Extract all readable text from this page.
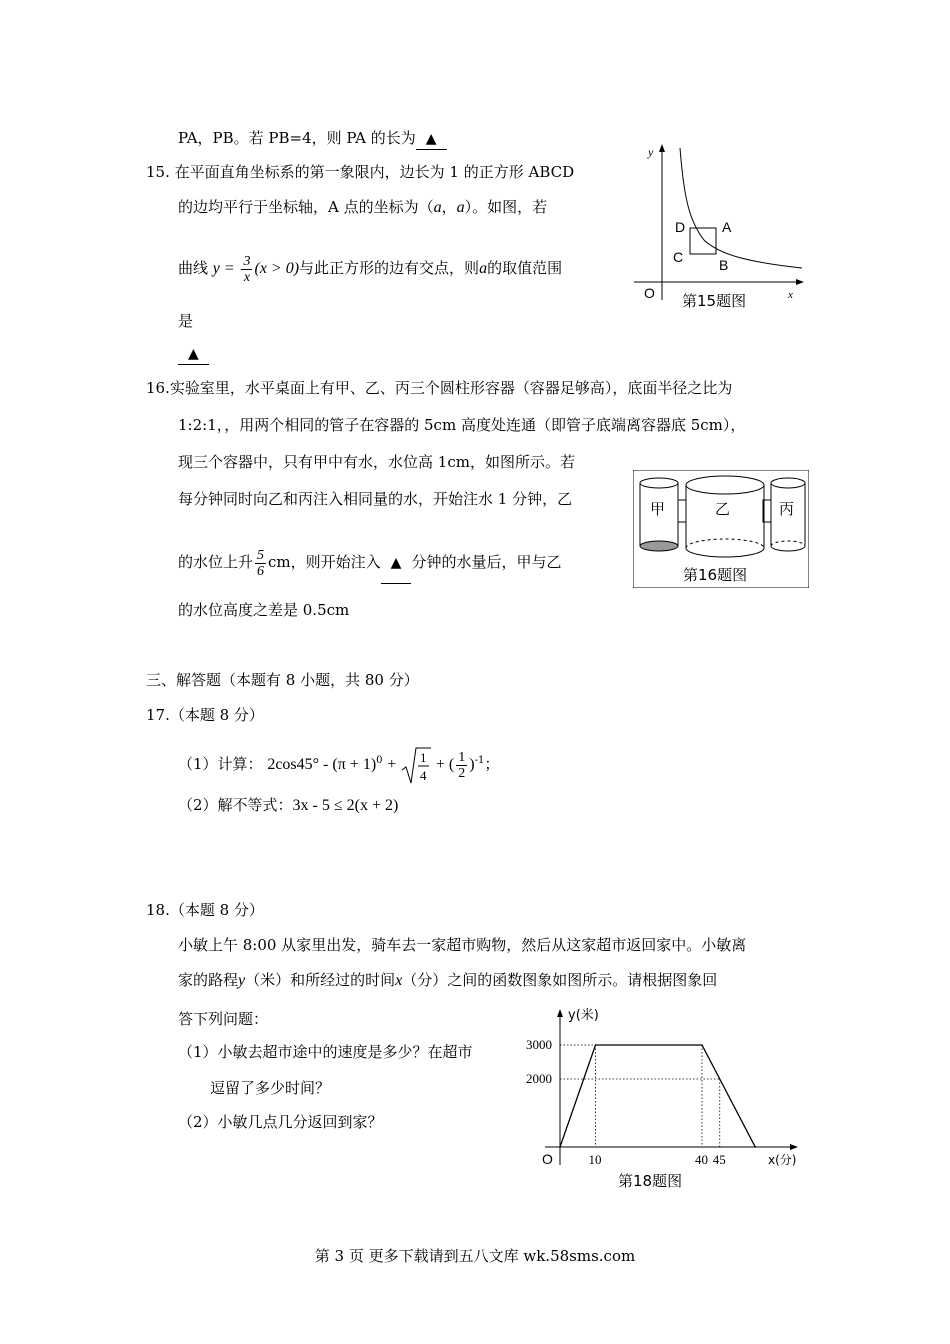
PA，PB。若 PB=4，则 PA 的长为 ▲
15. 在平面直角坐标系的第一象限内，边长为 1 的正方形 ABCD
的边均平行于坐标轴，A 点的坐标为（a，a）。如图，若
曲线 $y = \frac{3}{x} (x > 0)$与此正方形的边有交点，则a的取值范围
是
▲
y
x
O
D	A
C	B
第15题图
16.实验室里，水平桌面上有甲、乙、丙三个圆柱形容器（容器足够高），底面半径之比为
1:2:1，，用两个相同的管子在容器的 5cm 高度处连通（即管子底端离容器底 5cm），
现三个容器中，只有甲中有水，水位高 1cm，如图所示。若
每分钟同时向乙和丙注入相同量的水，开始注水 1 分钟，乙
的水位上升 $\frac{5}{6}$ cm，则开始注入 ▲ 分钟的水量后，甲与乙
的水位高度之差是 0.5cm
甲	乙	丙
第16题图
三、解答题（本题有 8 小题，共 80 分）
17.（本题 8 分）
（1）计算： $2\cos 45^\circ - (\pi + 1)^0 + 1$
4
+ ( $\frac{1}{2} )^{-1}$；
（2）解不等式：3x - 5 ≤ 2(x + 2)
18.（本题 8 分）
小敏上午 8:00 从家里出发，骑车去一家超市购物，然后从这家超市返回家中。小敏离
家的路程y（米）和所经过的时间x（分）之间的函数图象如图所示。请根据图象回
答下列问题：
（1）小敏去超市途中的速度是多少？在超市
逗留了多少时间？
（2）小敏几点几分返回到家？
2000
3000
10	40 45
y(米)
x(分)
O
第18题图
第 3 页 更多下载请到五八文库 wk.58sms.com
